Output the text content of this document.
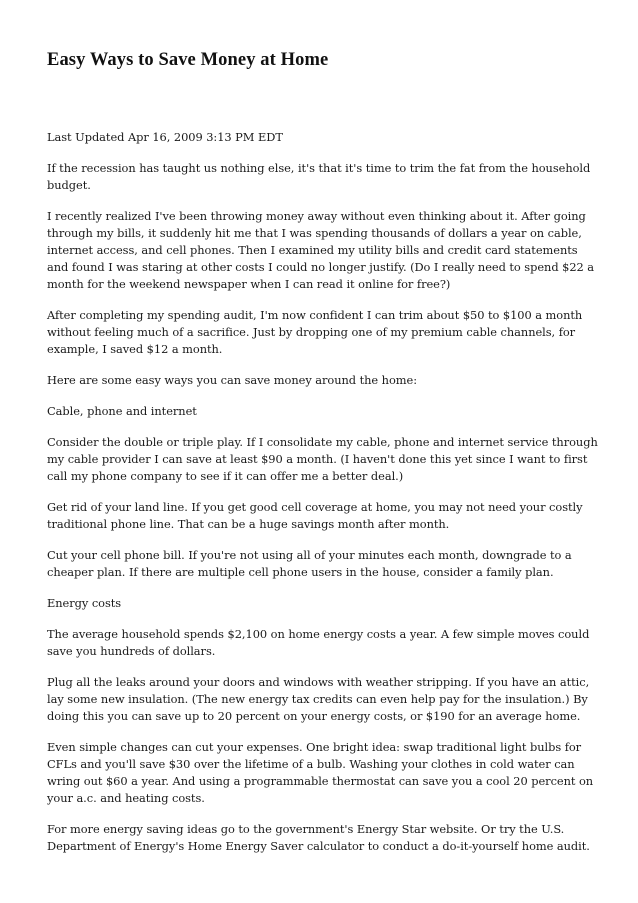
Easy Ways to Save Money at Home

Last Updated Apr 16, 2009 3:13 PM EDT

If the recession has taught us nothing else, it's that it's time to trim the fat from the household budget.

I recently realized I've been throwing money away without even thinking about it. After going through my bills, it suddenly hit me that I was spending thousands of dollars a year on cable, internet access, and cell phones. Then I examined my utility bills and credit card statements and found I was staring at other costs I could no longer justify. (Do I really need to spend $22 a month for the weekend newspaper when I can read it online for free?)

After completing my spending audit, I'm now confident I can trim about $50 to $100 a month without feeling much of a sacrifice. Just by dropping one of my premium cable channels, for example, I saved $12 a month.

Here are some easy ways you can save money around the home:

Cable, phone and internet

Consider the double or triple play. If I consolidate my cable, phone and internet service through my cable provider I can save at least $90 a month. (I haven't done this yet since I want to first call my phone company to see if it can offer me a better deal.)

Get rid of your land line. If you get good cell coverage at home, you may not need your costly traditional phone line. That can be a huge savings month after month.

Cut your cell phone bill. If you're not using all of your minutes each month, downgrade to a cheaper plan. If there are multiple cell phone users in the house, consider a family plan.

Energy costs

The average household spends $2,100 on home energy costs a year. A few simple moves could save you hundreds of dollars.

Plug all the leaks around your doors and windows with weather stripping. If you have an attic, lay some new insulation. (The new energy tax credits can even help pay for the insulation.) By doing this you can save up to 20 percent on your energy costs, or $190 for an average home.

Even simple changes can cut your expenses. One bright idea: swap traditional light bulbs for CFLs and you'll save $30 over the lifetime of a bulb. Washing your clothes in cold water can wring out $60 a year. And using a programmable thermostat can save you a cool 20 percent on your a.c. and heating costs.

For more energy saving ideas go to the government's Energy Star website. Or try the U.S. Department of Energy's Home Energy Saver calculator to conduct a do-it-yourself home audit.
